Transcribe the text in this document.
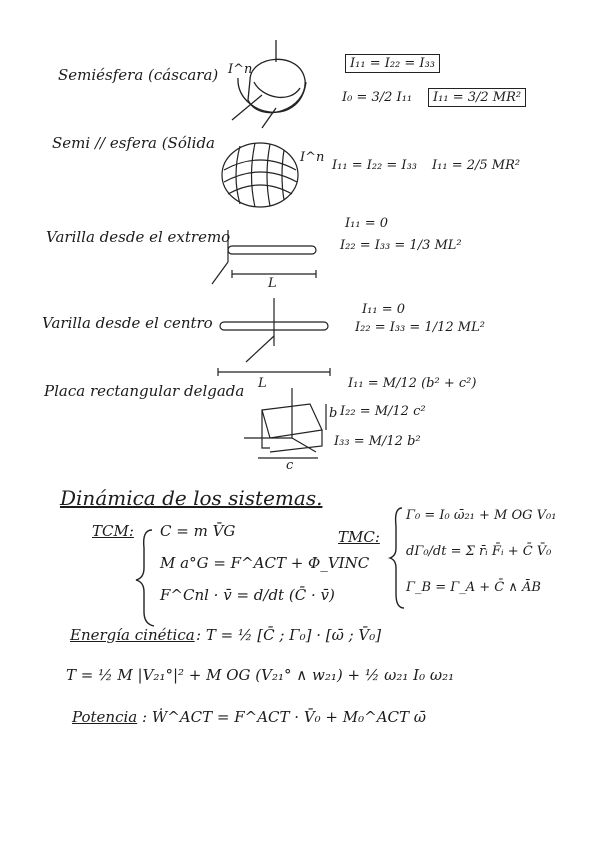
Semiésfera (cáscara) I^n	I₁₁ = I₂₂ = I₃₃
I₀ = 3/2 I₁₁	I₁₁ = 3/2 MR²
Semi // esfera (Sólida
I^n
I₁₁ = I₂₂ = I₃₃ I₁₁ = 2/5 MR²
Varilla desde el extremo
I₁₁ = 0
I₂₂ = I₃₃ = 1/3 ML²
L
Varilla desde el centro
I₁₁ = 0
I₂₂ = I₃₃ = 1/12 ML²
L
Placa rectangular delgada	I₁₁ = M/12 (b² + c²)
I₂₂ = M/12 c²
I₃₃ = M/12 b²
b
c
Dinámica de los sistemas.
TCM: C = m V̄G
M a°G = F^ACT + Φ_VINC
F^Cnl · v̄ = d/dt (C̄ · v̄)
TMC:
Γ₀ = I₀ ω̄₂₁ + M OG V₀₁
dΓ₀/dt = Σ r̄ᵢ F̄ᵢ + C̄ V̄₀
Γ_B = Γ_A + C̄ ∧ ĀB
Energía cinética : T = ½ [C̄ ; Γ₀] · [ω̄ ; V̄₀]
T = ½ M |V₂₁°|² + M OG (V₂₁° ∧ w₂₁) + ½ ω₂₁ I₀ ω₂₁
Potencia : Ẇ^ACT = F^ACT · V̄₀ + M₀^ACT ω̄
